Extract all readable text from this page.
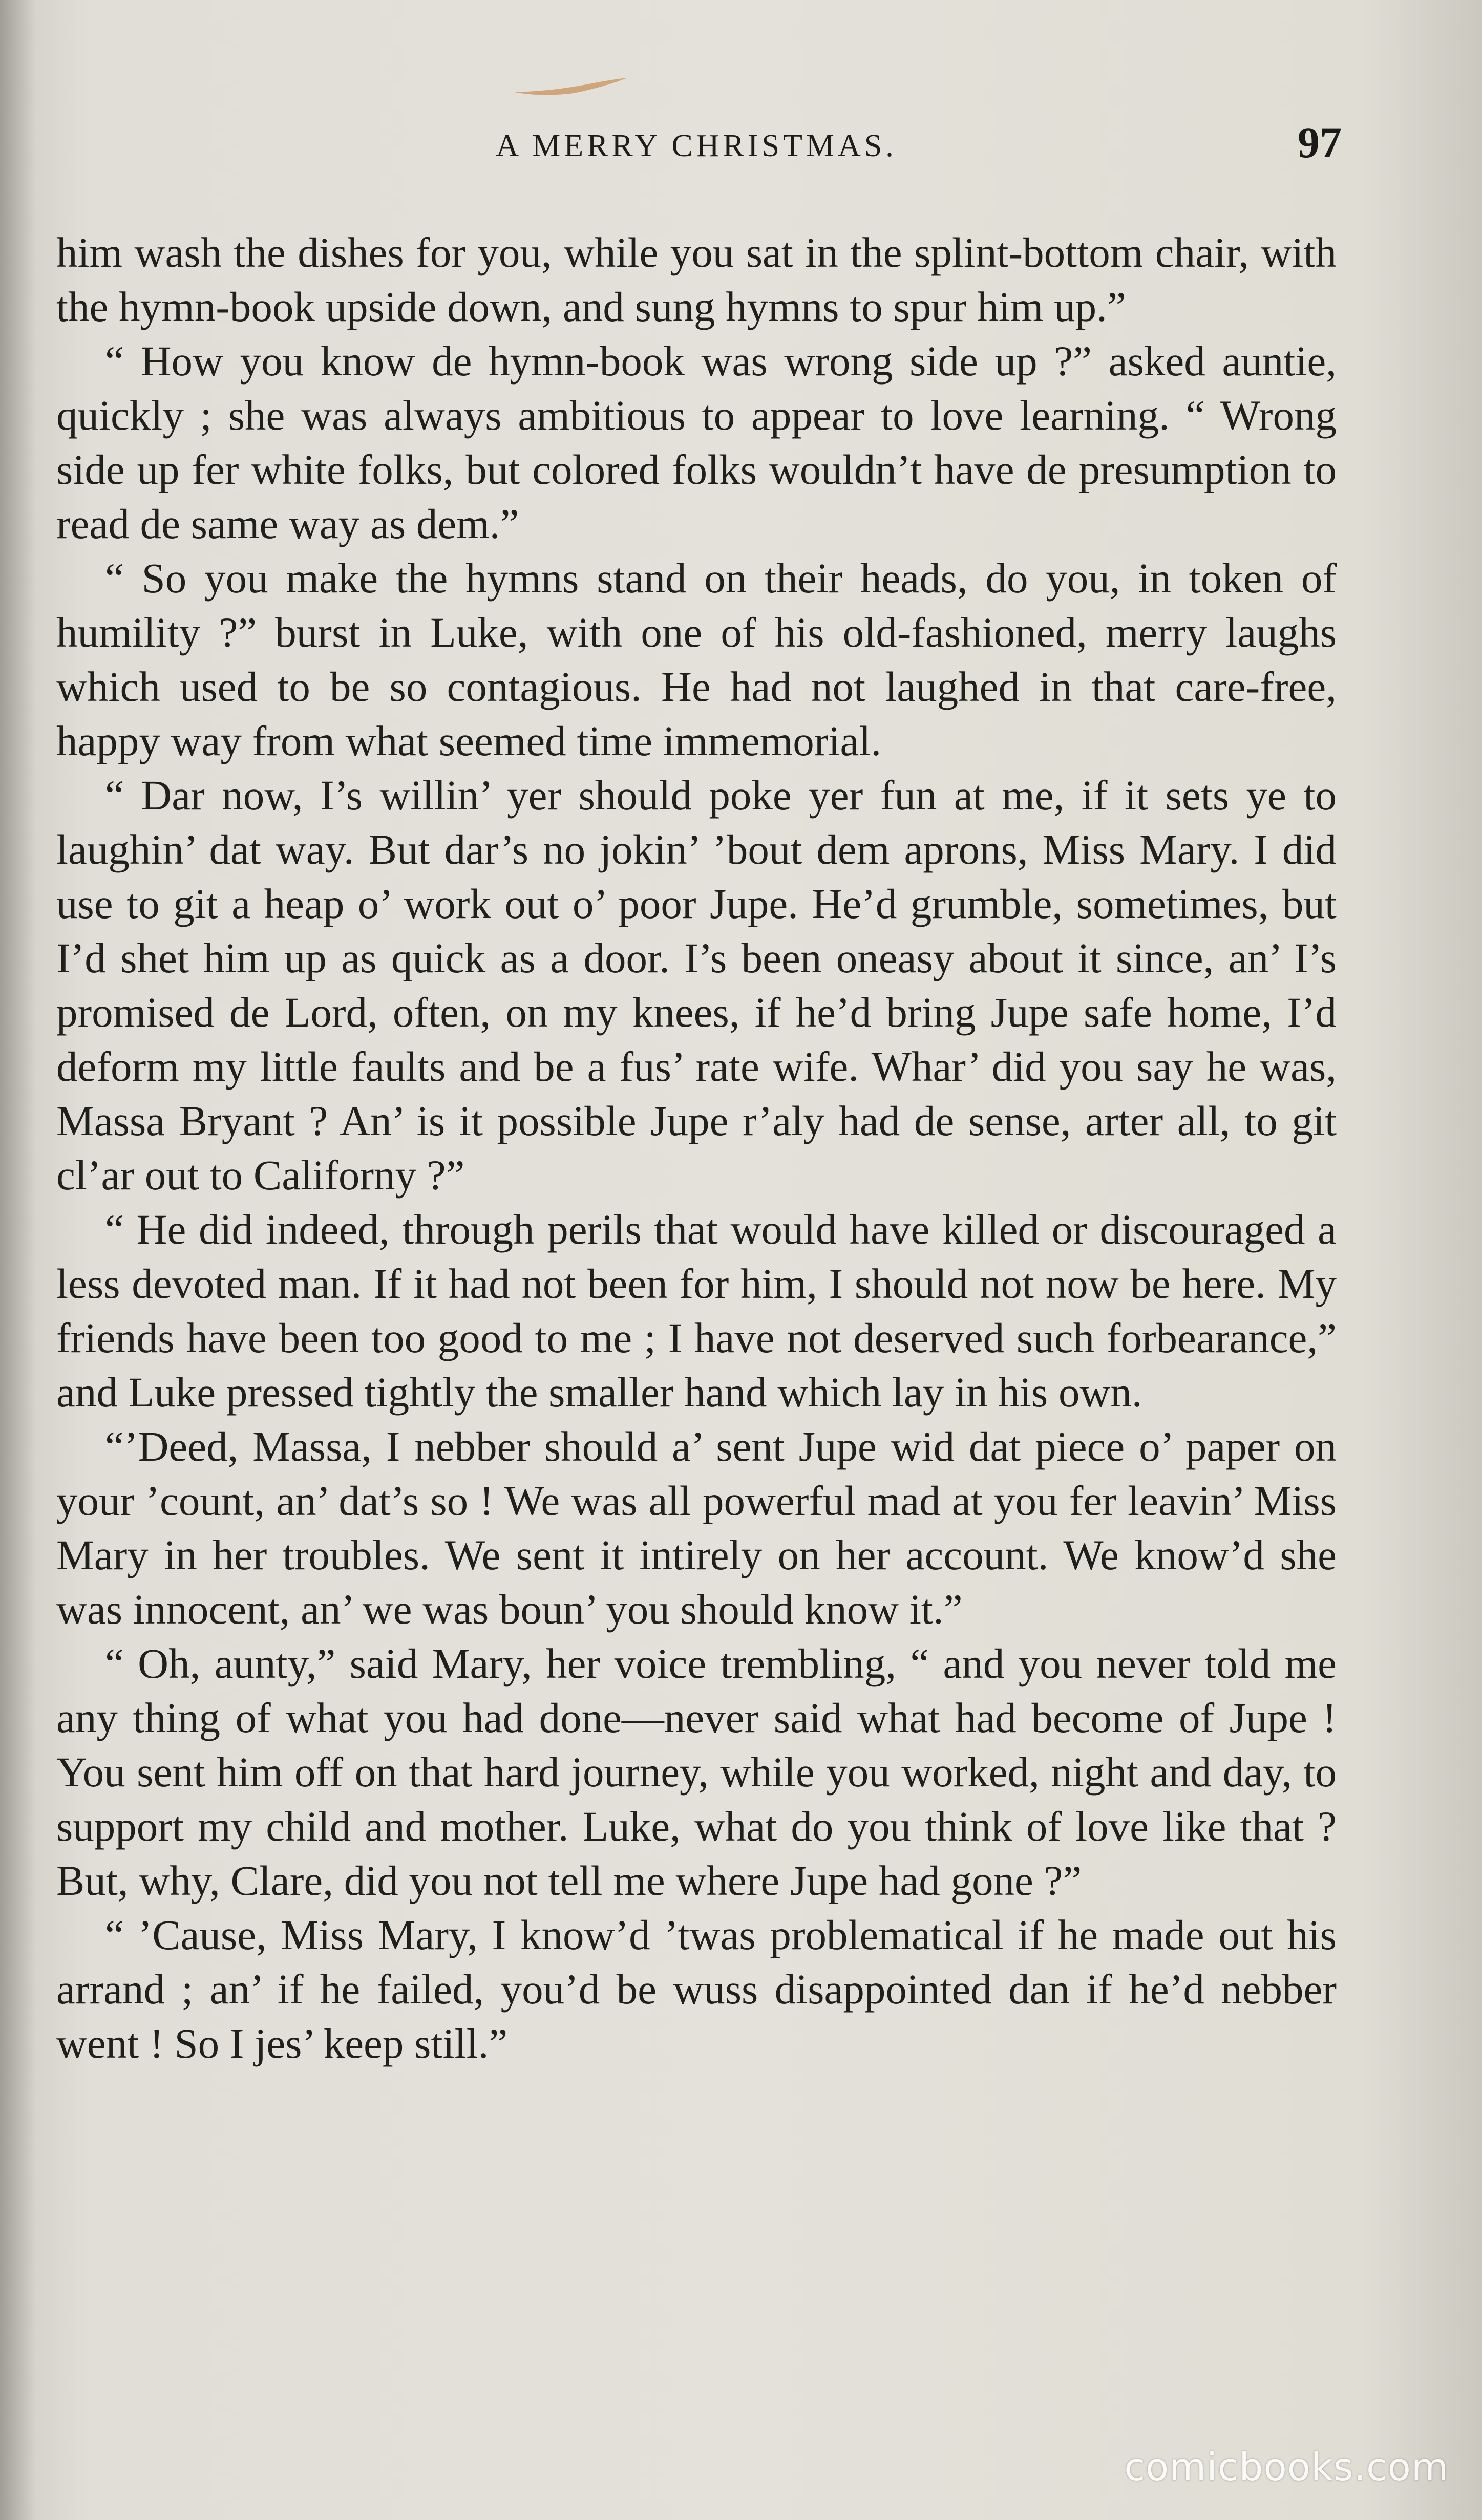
A MERRY CHRISTMAS.	97

him wash the dishes for you, while you sat in the splint-bottom chair, with the hymn-book upside down, and sung hymns to spur him up.”

“ How you know de hymn-book was wrong side up ?” asked auntie, quickly ; she was always ambitious to appear to love learning. “ Wrong side up fer white folks, but colored folks wouldn’t have de presumption to read de same way as dem.”

“ So you make the hymns stand on their heads, do you, in token of humility ?” burst in Luke, with one of his old-fashioned, merry laughs which used to be so contagious. He had not laughed in that care-free, happy way from what seemed time immemorial.

“ Dar now, I’s willin’ yer should poke yer fun at me, if it sets ye to laughin’ dat way. But dar’s no jokin’ ’bout dem aprons, Miss Mary. I did use to git a heap o’ work out o’ poor Jupe. He’d grumble, sometimes, but I’d shet him up as quick as a door. I’s been oneasy about it since, an’ I’s promised de Lord, often, on my knees, if he’d bring Jupe safe home, I’d deform my little faults and be a fus’ rate wife. Whar’ did you say he was, Massa Bryant ? An’ is it possible Jupe r’aly had de sense, arter all, to git cl’ar out to Californy ?”

“ He did indeed, through perils that would have killed or discouraged a less devoted man. If it had not been for him, I should not now be here. My friends have been too good to me ; I have not deserved such forbearance,” and Luke pressed tightly the smaller hand which lay in his own.

“’Deed, Massa, I nebber should a’ sent Jupe wid dat piece o’ paper on your ’count, an’ dat’s so ! We was all powerful mad at you fer leavin’ Miss Mary in her troubles. We sent it intirely on her account. We know’d she was innocent, an’ we was boun’ you should know it.”

“ Oh, aunty,” said Mary, her voice trembling, “ and you never told me any thing of what you had done—never said what had become of Jupe ! You sent him off on that hard journey, while you worked, night and day, to support my child and mother. Luke, what do you think of love like that ? But, why, Clare, did you not tell me where Jupe had gone ?”

“ ’Cause, Miss Mary, I know’d ’twas problematical if he made out his arrand ; an’ if he failed, you’d be wuss disappointed dan if he’d nebber went ! So I jes’ keep still.”

comicbooks.com
